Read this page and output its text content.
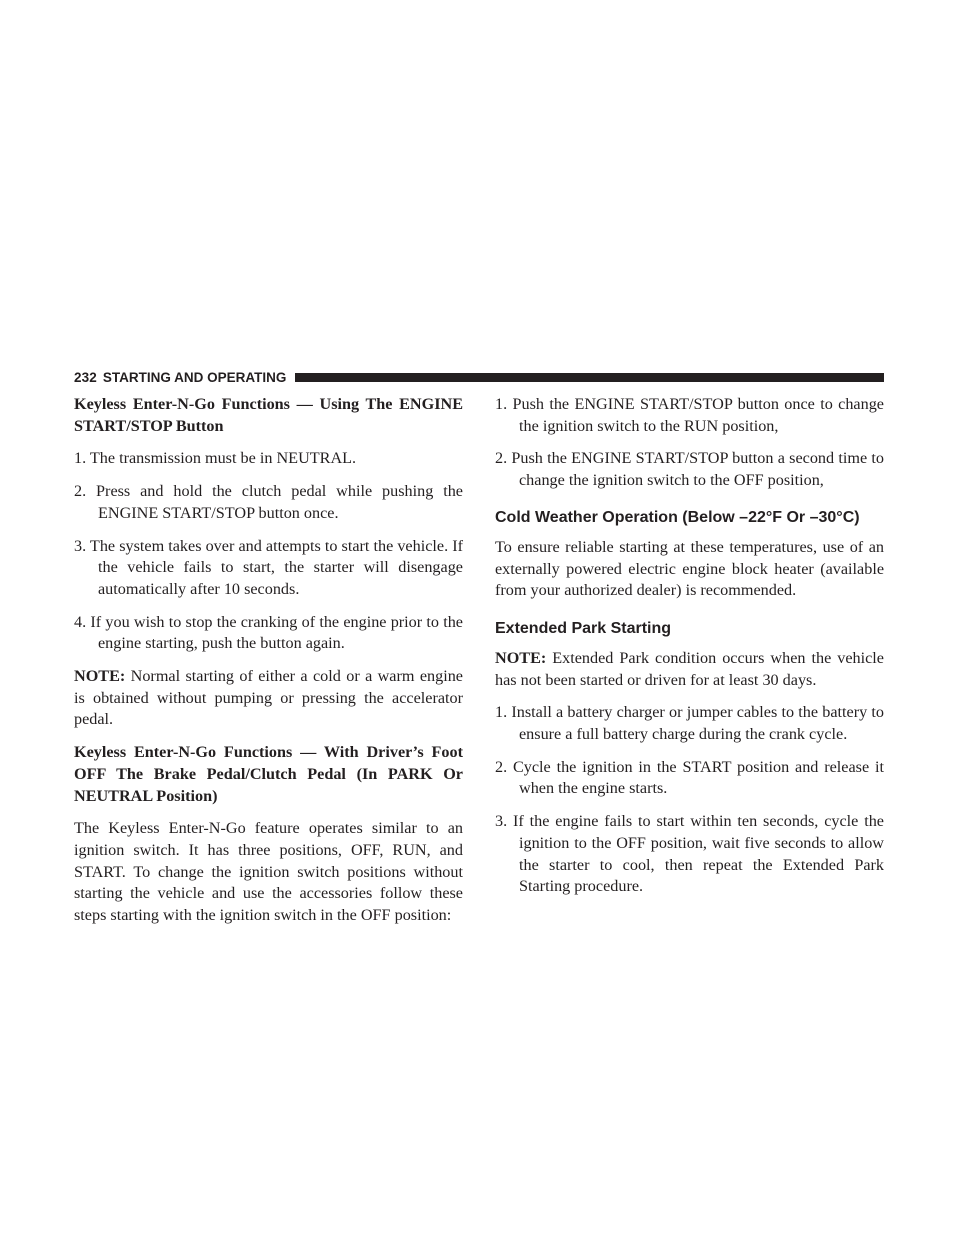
232 STARTING AND OPERATING

Keyless Enter-N-Go Functions — Using The ENGINE START/STOP Button

1. The transmission must be in NEUTRAL.
2. Press and hold the clutch pedal while pushing the ENGINE START/STOP button once.
3. The system takes over and attempts to start the vehicle. If the vehicle fails to start, the starter will disengage automatically after 10 seconds.
4. If you wish to stop the cranking of the engine prior to the engine starting, push the button again.

NOTE: Normal starting of either a cold or a warm engine is obtained without pumping or pressing the accelerator pedal.

Keyless Enter-N-Go Functions — With Driver’s Foot OFF The Brake Pedal/Clutch Pedal (In PARK Or NEUTRAL Position)

The Keyless Enter-N-Go feature operates similar to an ignition switch. It has three positions, OFF, RUN, and START. To change the ignition switch positions without starting the vehicle and use the accessories follow these steps starting with the ignition switch in the OFF position:

1. Push the ENGINE START/STOP button once to change the ignition switch to the RUN position,
2. Push the ENGINE START/STOP button a second time to change the ignition switch to the OFF position,
Cold Weather Operation (Below –22°F Or –30°C)

To ensure reliable starting at these temperatures, use of an externally powered electric engine block heater (available from your authorized dealer) is recommended.

Extended Park Starting

NOTE: Extended Park condition occurs when the vehicle has not been started or driven for at least 30 days.

1. Install a battery charger or jumper cables to the battery to ensure a full battery charge during the crank cycle.
2. Cycle the ignition in the START position and release it when the engine starts.
3. If the engine fails to start within ten seconds, cycle the ignition to the OFF position, wait five seconds to allow the starter to cool, then repeat the Extended Park Starting procedure.
